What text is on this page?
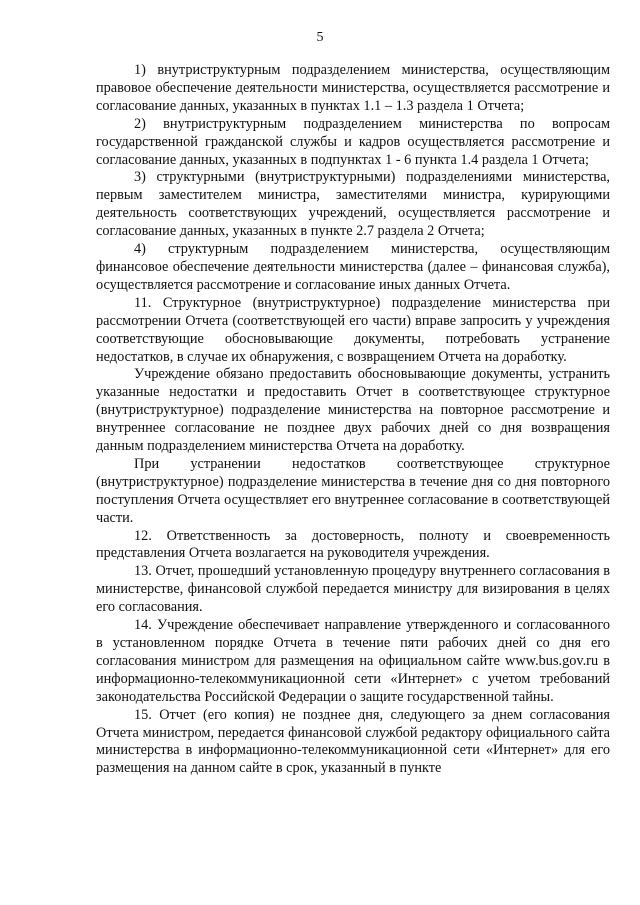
5

1) внутриструктурным подразделением министерства, осуществляющим правовое обеспечение деятельности министерства, осуществляется рассмотрение и согласование данных, указанных в пунктах 1.1 – 1.3 раздела 1 Отчета;

2) внутриструктурным подразделением министерства по вопросам государственной гражданской службы и кадров осуществляется рассмотрение и согласование данных, указанных в подпунктах 1 - 6 пункта 1.4 раздела 1 Отчета;

3) структурными (внутриструктурными) подразделениями министерства, первым заместителем министра, заместителями министра, курирующими деятельность соответствующих учреждений, осуществляется рассмотрение и согласование данных, указанных в пункте 2.7 раздела 2 Отчета;

4) структурным подразделением министерства, осуществляющим финансовое обеспечение деятельности министерства (далее – финансовая служба), осуществляется рассмотрение и согласование иных данных Отчета.

11. Структурное (внутриструктурное) подразделение министерства при рассмотрении Отчета (соответствующей его части) вправе запросить у учреждения соответствующие обосновывающие документы, потребовать устранение недостатков, в случае их обнаружения, с возвращением Отчета на доработку.

Учреждение обязано предоставить обосновывающие документы, устранить указанные недостатки и предоставить Отчет в соответствующее структурное (внутриструктурное) подразделение министерства на повторное рассмотрение и внутреннее согласование не позднее двух рабочих дней со дня возвращения данным подразделением министерства Отчета на доработку.

При устранении недостатков соответствующее структурное (внутриструктурное) подразделение министерства в течение дня со дня повторного поступления Отчета осуществляет его внутреннее согласование в соответствующей части.

12. Ответственность за достоверность, полноту и своевременность представления Отчета возлагается на руководителя учреждения.

13. Отчет, прошедший установленную процедуру внутреннего согласования в министерстве, финансовой службой передается министру для визирования в целях его согласования.

14. Учреждение обеспечивает направление утвержденного и согласованного в установленном порядке Отчета в течение пяти рабочих дней со дня его согласования министром для размещения на официальном сайте www.bus.gov.ru в информационно-телекоммуникационной сети «Интернет» с учетом требований законодательства Российской Федерации о защите государственной тайны.

15. Отчет (его копия) не позднее дня, следующего за днем согласования Отчета министром, передается финансовой службой редактору официального сайта министерства в информационно-телекоммуникационной сети «Интернет» для его размещения на данном сайте в срок, указанный в пункте
